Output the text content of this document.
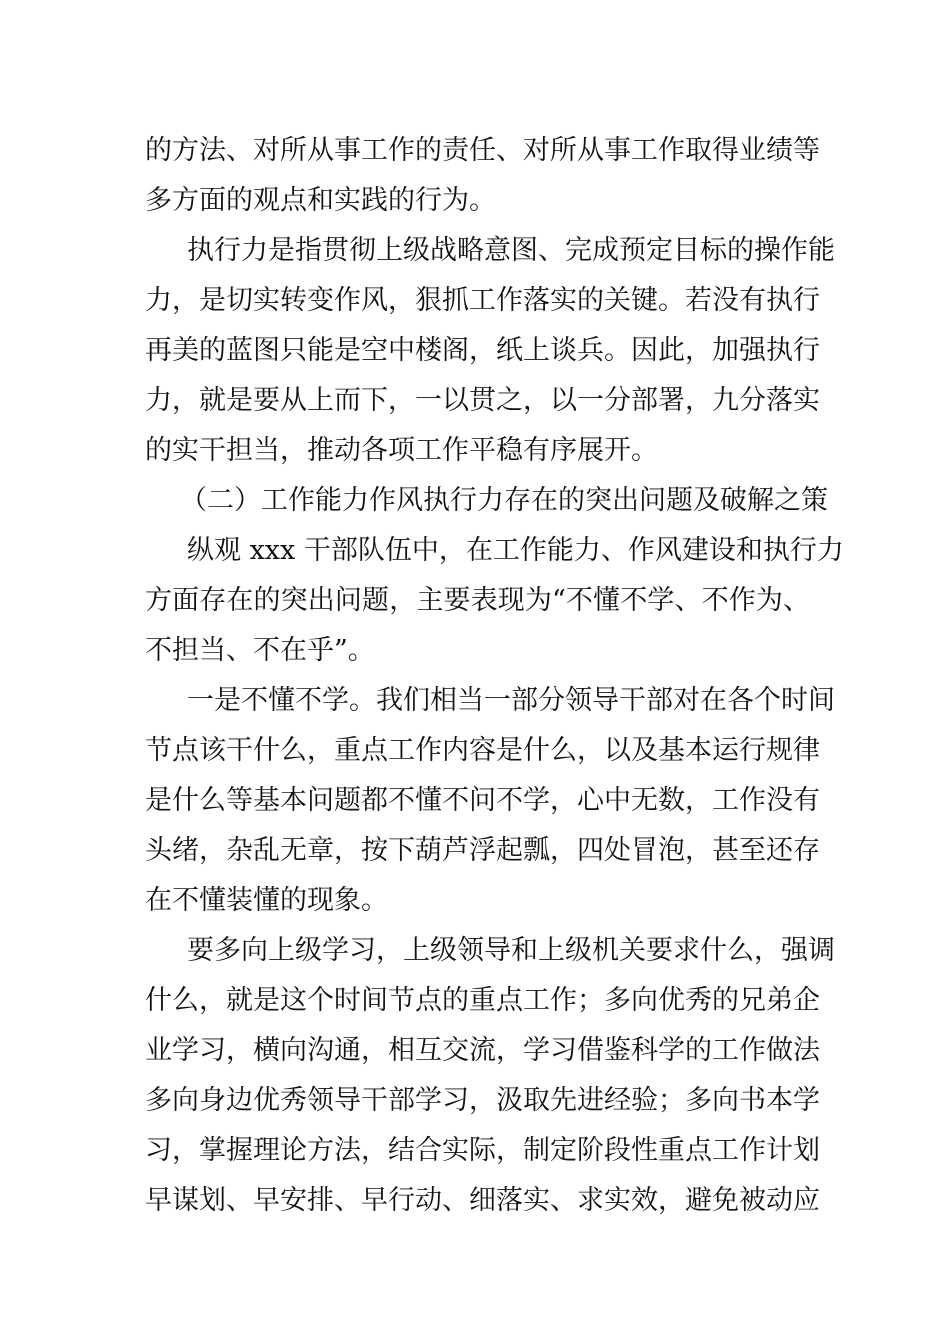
的方法、对所从事工作的责任、对所从事工作取得业绩等
多方面的观点和实践的行为。
执行力是指贯彻上级战略意图、完成预定目标的操作能
力，是切实转变作风，狠抓工作落实的关键。若没有执行
再美的蓝图只能是空中楼阁，纸上谈兵。因此，加强执行
力，就是要从上而下，一以贯之，以一分部署，九分落实
的实干担当，推动各项工作平稳有序展开。
（二）工作能力作风执行力存在的突出问题及破解之策
纵观 xxx 干部队伍中，在工作能力、作风建设和执行力
方面存在的突出问题，主要表现为“不懂不学、不作为、
不担当、不在乎”。
一是不懂不学。我们相当一部分领导干部对在各个时间
节点该干什么，重点工作内容是什么，以及基本运行规律
是什么等基本问题都不懂不问不学，心中无数，工作没有
头绪，杂乱无章，按下葫芦浮起瓢，四处冒泡，甚至还存
在不懂装懂的现象。
要多向上级学习，上级领导和上级机关要求什么，强调
什么，就是这个时间节点的重点工作；多向优秀的兄弟企
业学习，横向沟通，相互交流，学习借鉴科学的工作做法
多向身边优秀领导干部学习，汲取先进经验；多向书本学
习，掌握理论方法，结合实际，制定阶段性重点工作计划
早谋划、早安排、早行动、细落实、求实效，避免被动应
